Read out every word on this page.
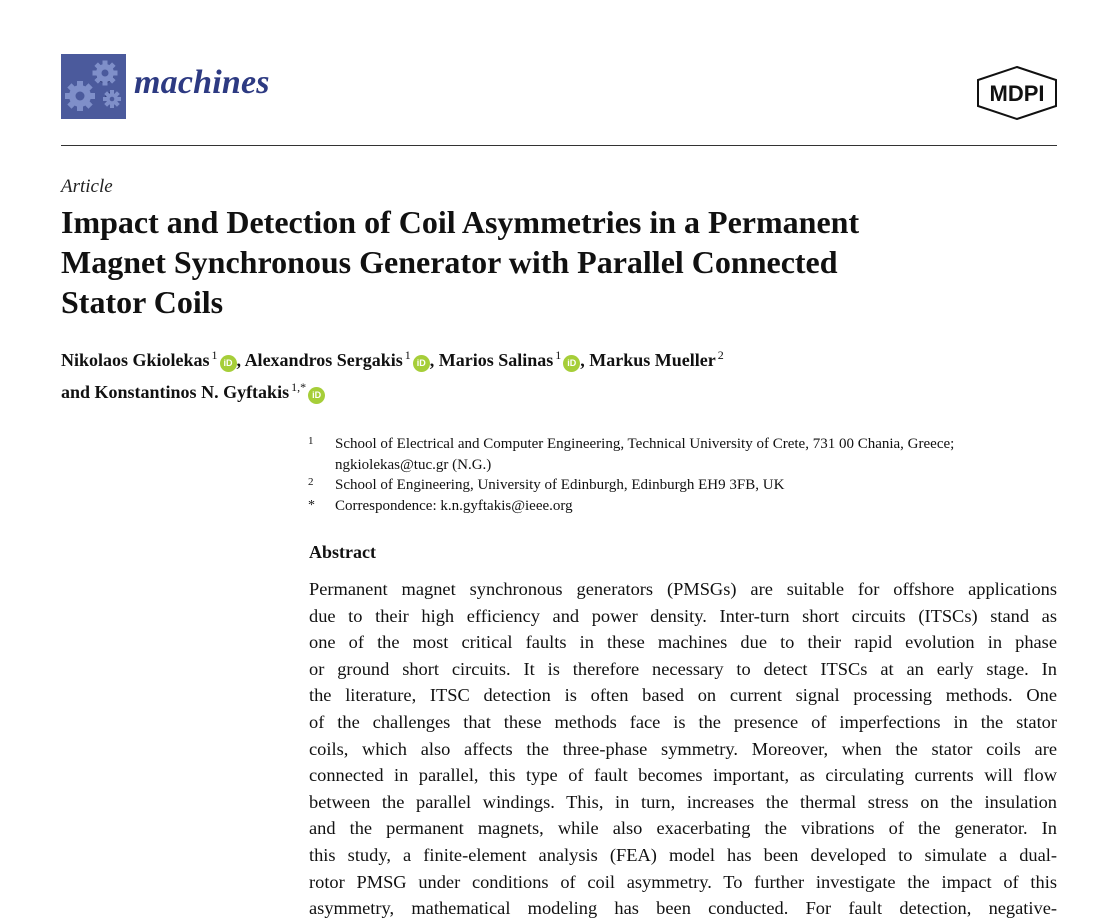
machines	MDPI
Article
Impact and Detection of Coil Asymmetries in a Permanent
Magnet Synchronous Generator with Parallel Connected
Stator Coils
Nikolaos Gkiolekas $^1$iD , Alexandros Sergakis $^1$iD , Marios Salinas $^1$iD , Markus Mueller $^2$
and Konstantinos N. Gyftakis $^{1,*}$iD
1 School of Electrical and Computer Engineering, Technical University of Crete, 731 00 Chania, Greece;
ngkiolekas@tuc.gr (N.G.)
2 School of Engineering, University of Edinburgh, Edinburgh EH9 3FB, UK
* Correspondence: k.n.gyftakis@ieee.org
Abstract
Permanent magnet synchronous generators (PMSGs) are suitable for offshore applications
due to their high efficiency and power density. Inter-turn short circuits (ITSCs) stand as
one of the most critical faults in these machines due to their rapid evolution in phase
or ground short circuits. It is therefore necessary to detect ITSCs at an early stage. In
the literature, ITSC detection is often based on current signal processing methods. One
of the challenges that these methods face is the presence of imperfections in the stator
coils, which also affects the three-phase symmetry. Moreover, when the stator coils are
connected in parallel, this type of fault becomes important, as circulating currents will flow
between the parallel windings. This, in turn, increases the thermal stress on the insulation
and the permanent magnets, while also exacerbating the vibrations of the generator. In
this study, a finite-element analysis (FEA) model has been developed to simulate a dual-
rotor PMSG under conditions of coil asymmetry. To further investigate the impact of this
asymmetry, mathematical modeling has been conducted. For fault detection, negative-
